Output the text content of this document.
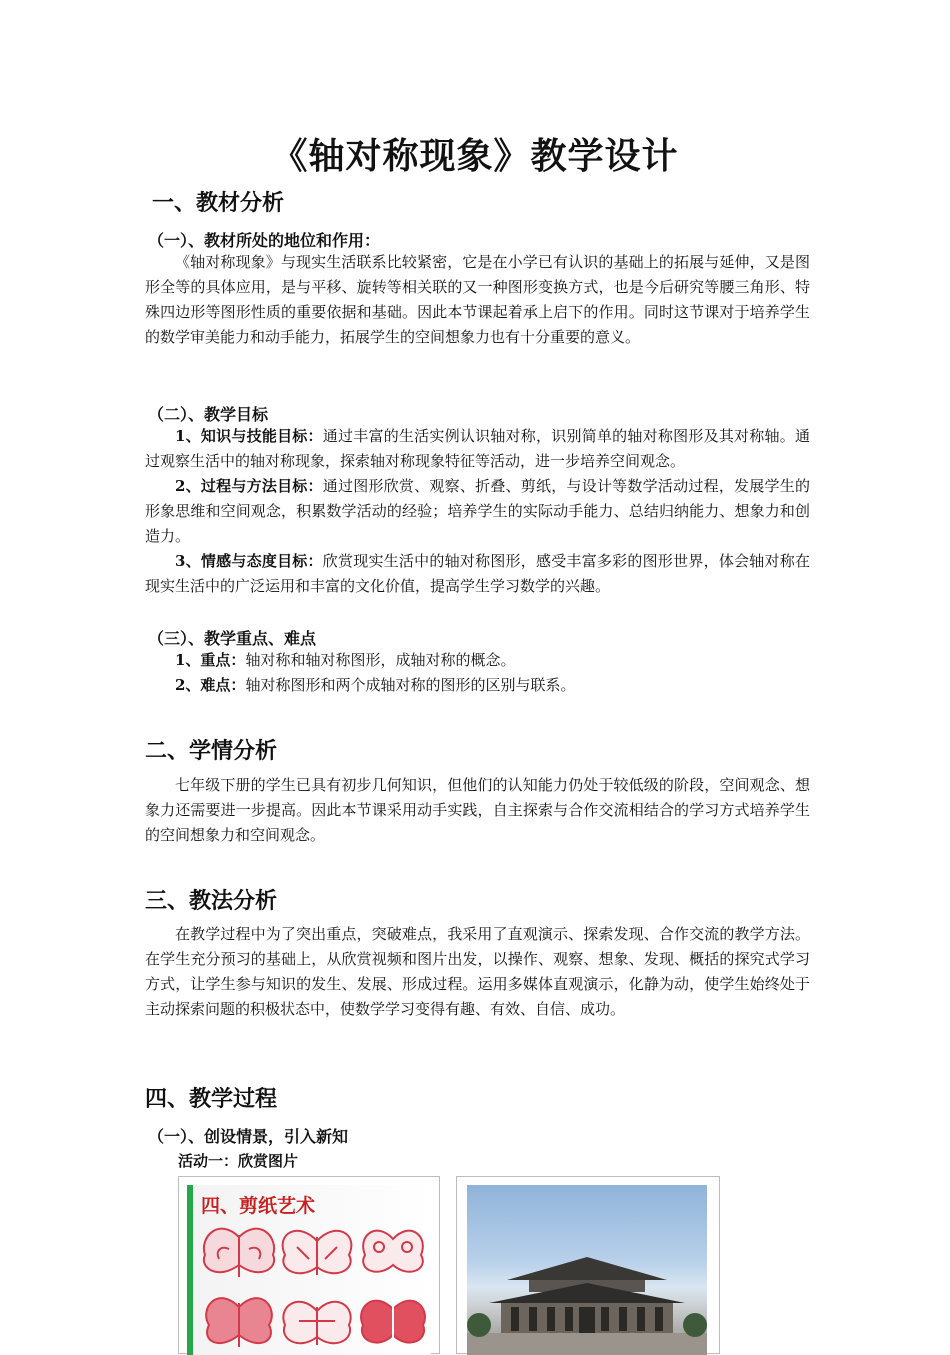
《轴对称现象》教学设计
一、教材分析
（一）、教材所处的地位和作用：

《轴对称现象》与现实生活联系比较紧密，它是在小学已有认识的基础上的拓展与延伸，又是图形全等的具体应用，是与平移、旋转等相关联的又一种图形变换方式，也是今后研究等腰三角形、特殊四边形等图形性质的重要依据和基础。因此本节课起着承上启下的作用。同时这节课对于培养学生的数学审美能力和动手能力，拓展学生的空间想象力也有十分重要的意义。

（二）、教学目标

1、知识与技能目标：通过丰富的生活实例认识轴对称，识别简单的轴对称图形及其对称轴。通过观察生活中的轴对称现象，探索轴对称现象特征等活动，进一步培养空间观念。

2、过程与方法目标：通过图形欣赏、观察、折叠、剪纸，与设计等数学活动过程，发展学生的形象思维和空间观念，积累数学活动的经验；培养学生的实际动手能力、总结归纳能力、想象力和创造力。

3、情感与态度目标：欣赏现实生活中的轴对称图形，感受丰富多彩的图形世界，体会轴对称在现实生活中的广泛运用和丰富的文化价值，提高学生学习数学的兴趣。

（三）、教学重点、难点

1、重点：轴对称和轴对称图形，成轴对称的概念。

2、难点：轴对称图形和两个成轴对称的图形的区别与联系。

二、学情分析

七年级下册的学生已具有初步几何知识，但他们的认知能力仍处于较低级的阶段，空间观念、想象力还需要进一步提高。因此本节课采用动手实践，自主探索与合作交流相结合的学习方式培养学生的空间想象力和空间观念。

三、教法分析

在教学过程中为了突出重点，突破难点，我采用了直观演示、探索发现、合作交流的教学方法。在学生充分预习的基础上，从欣赏视频和图片出发，以操作、观察、想象、发现、概括的探究式学习方式，让学生参与知识的发生、发展、形成过程。运用多媒体直观演示，化静为动，使学生始终处于主动探索问题的积极状态中，使数学学习变得有趣、有效、自信、成功。

四、教学过程
（一）、创设情景，引入新知
活动一：欣赏图片
四、剪纸艺术
